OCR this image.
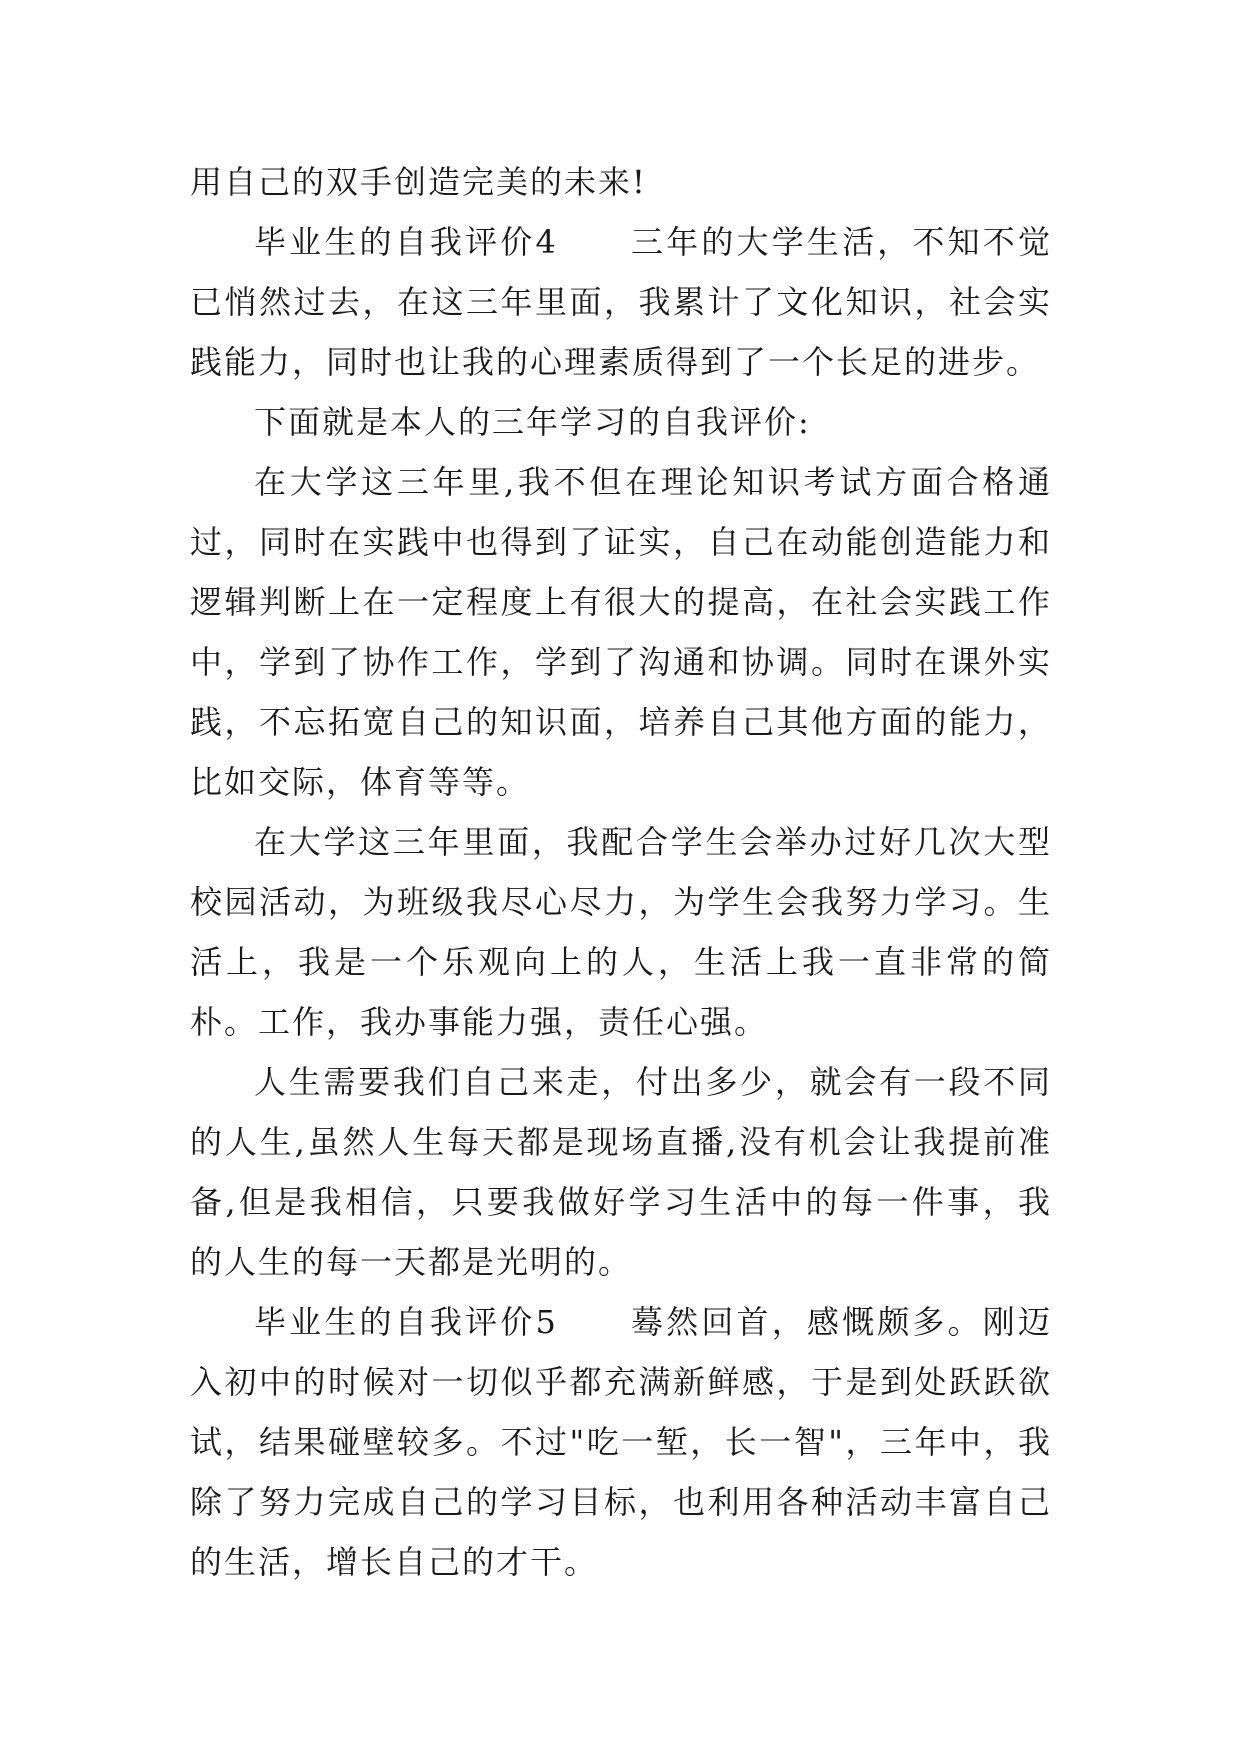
用自己的双手创造完美的未来!

毕业生的自我评价4 三年的大学生活，不知不觉已悄然过去，在这三年里面，我累计了文化知识，社会实践能力，同时也让我的心理素质得到了一个长足的进步。

下面就是本人的三年学习的自我评价:

在大学这三年里,我不但在理论知识考试方面合格通过，同时在实践中也得到了证实，自己在动能创造能力和逻辑判断上在一定程度上有很大的提高，在社会实践工作中，学到了协作工作，学到了沟通和协调。同时在课外实践，不忘拓宽自己的知识面，培养自己其他方面的能力，比如交际，体育等等。

在大学这三年里面，我配合学生会举办过好几次大型校园活动，为班级我尽心尽力，为学生会我努力学习。生活上，我是一个乐观向上的人，生活上我一直非常的简朴。工作，我办事能力强，责任心强。

人生需要我们自己来走，付出多少，就会有一段不同的人生,虽然人生每天都是现场直播,没有机会让我提前准备,但是我相信，只要我做好学习生活中的每一件事，我的人生的每一天都是光明的。

毕业生的自我评价5 蓦然回首，感慨颇多。刚迈入初中的时候对一切似乎都充满新鲜感，于是到处跃跃欲试，结果碰壁较多。不过"吃一堑，长一智"，三年中，我除了努力完成自己的学习目标，也利用各种活动丰富自己的生活，增长自己的才干。
